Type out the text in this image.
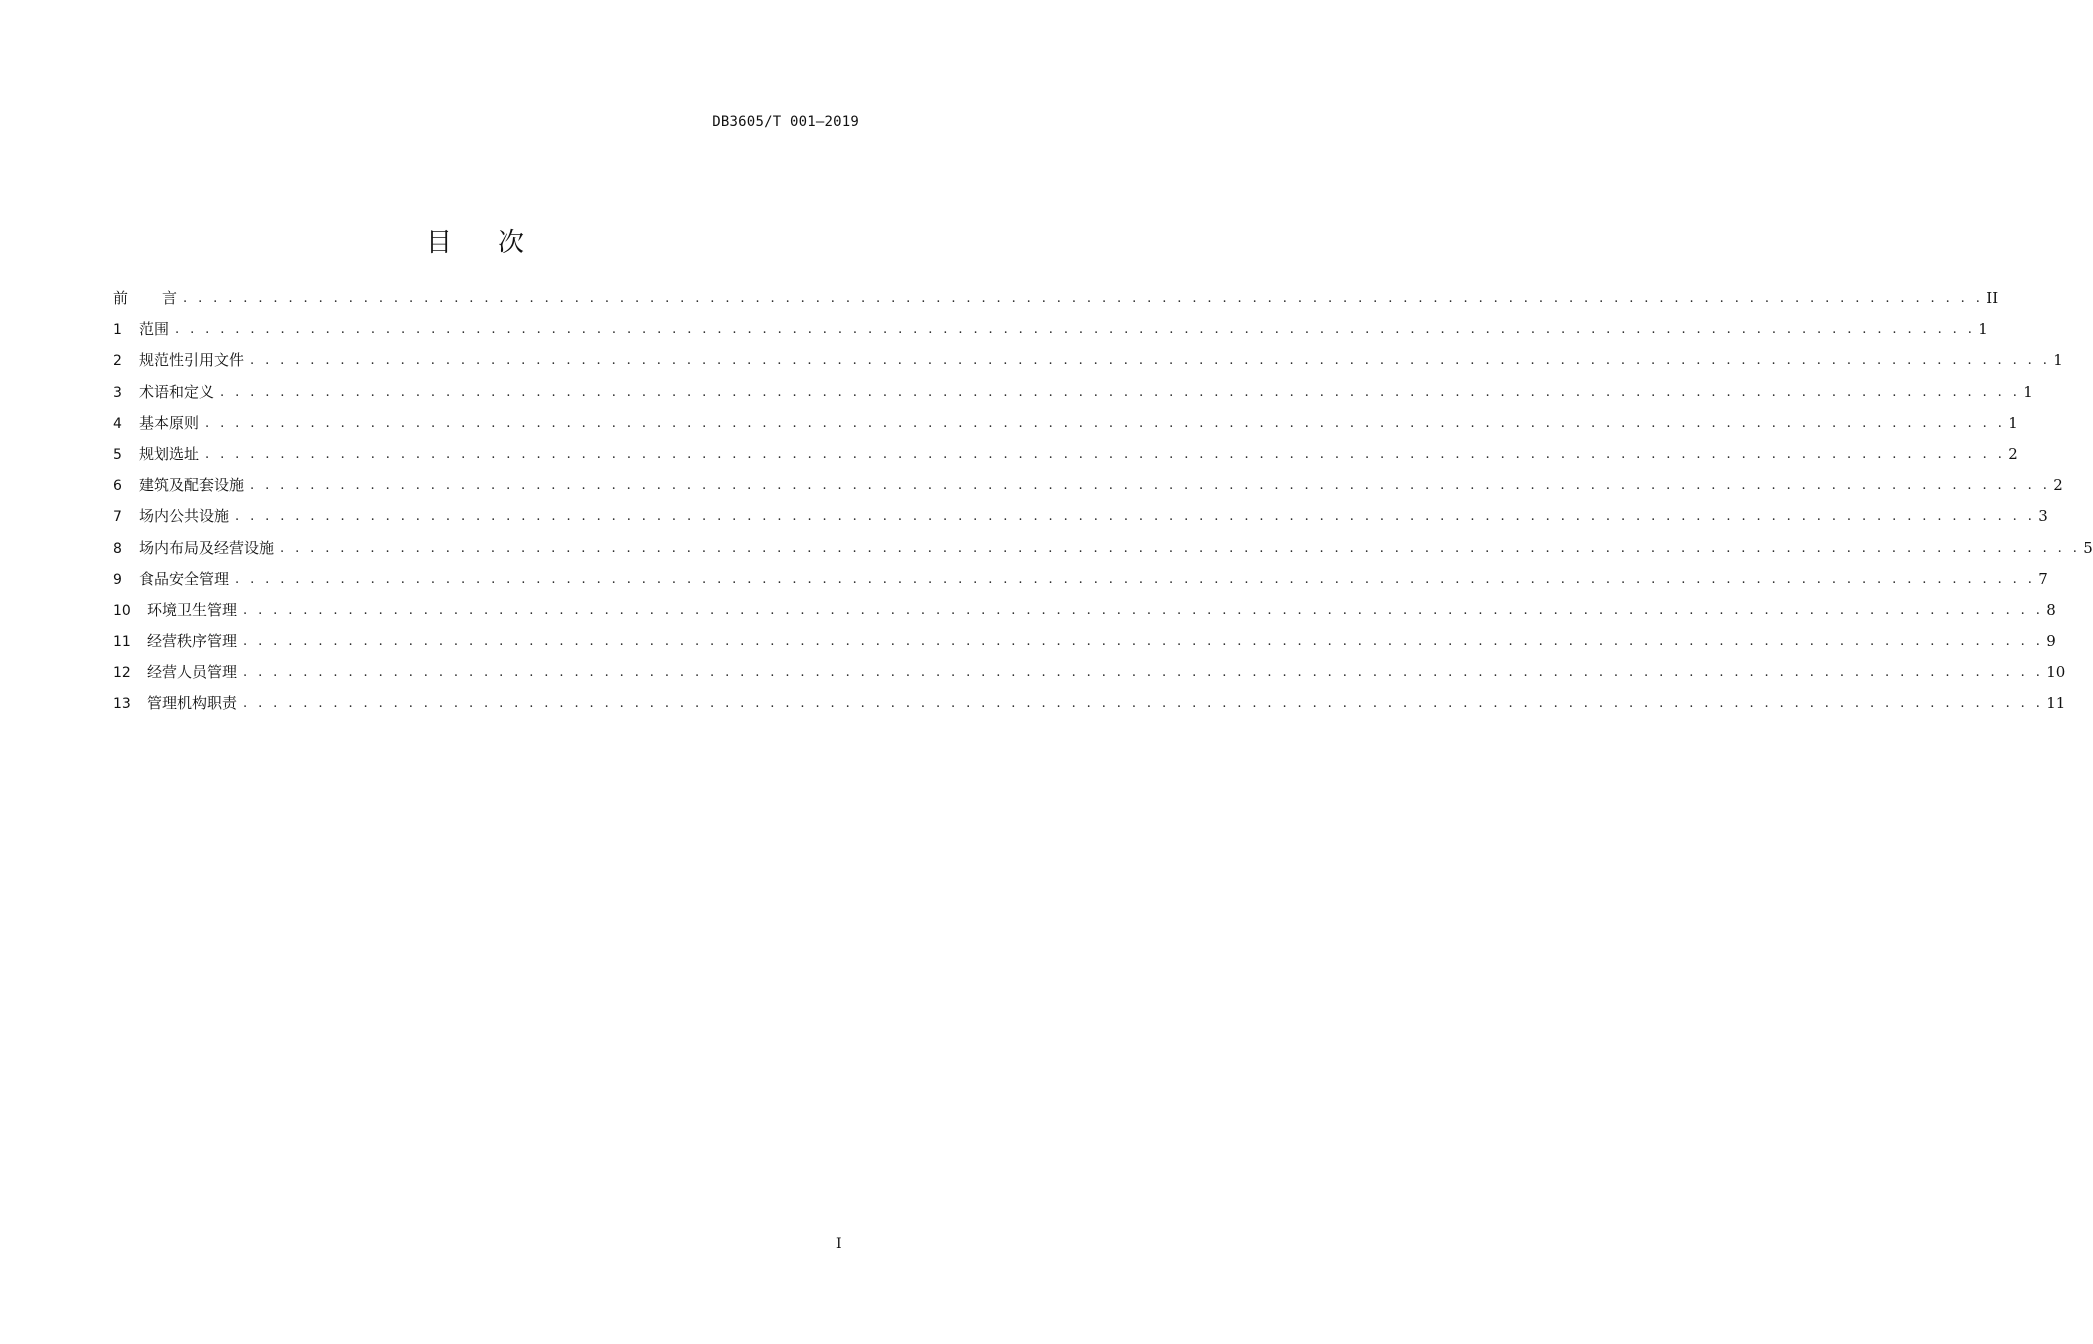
DB3605/T 001—2019
目 次
前 言 . . . . . . . . . . . . . . . . . . . . . . . . . . . . . . . . . . . . . . . . . . . . . . . . . . . . . . . . . . . . . . . . . . . . . . . . . . . . . . . . . . . . . . . . . . . . . . . . . . . . . . . . . . . . . . . . . . . . . . . . II
1	范围 . . . . . . . . . . . . . . . . . . . . . . . . . . . . . . . . . . . . . . . . . . . . . . . . . . . . . . . . . . . . . . . . . . . . . . . . . . . . . . . . . . . . . . . . . . . . . . . . . . . . . . . . . . . . . . . . . . . . . . . . 1
2	规范性引用文件 . . . . . . . . . . . . . . . . . . . . . . . . . . . . . . . . . . . . . . . . . . . . . . . . . . . . . . . . . . . . . . . . . . . . . . . . . . . . . . . . . . . . . . . . . . . . . . . . . . . . . . . . . . . . . . . . . . . . . . . . 1
3	术语和定义 . . . . . . . . . . . . . . . . . . . . . . . . . . . . . . . . . . . . . . . . . . . . . . . . . . . . . . . . . . . . . . . . . . . . . . . . . . . . . . . . . . . . . . . . . . . . . . . . . . . . . . . . . . . . . . . . . . . . . . . . 1
4	基本原则 . . . . . . . . . . . . . . . . . . . . . . . . . . . . . . . . . . . . . . . . . . . . . . . . . . . . . . . . . . . . . . . . . . . . . . . . . . . . . . . . . . . . . . . . . . . . . . . . . . . . . . . . . . . . . . . . . . . . . . . . 1
5	规划选址 . . . . . . . . . . . . . . . . . . . . . . . . . . . . . . . . . . . . . . . . . . . . . . . . . . . . . . . . . . . . . . . . . . . . . . . . . . . . . . . . . . . . . . . . . . . . . . . . . . . . . . . . . . . . . . . . . . . . . . . . 2
6	建筑及配套设施 . . . . . . . . . . . . . . . . . . . . . . . . . . . . . . . . . . . . . . . . . . . . . . . . . . . . . . . . . . . . . . . . . . . . . . . . . . . . . . . . . . . . . . . . . . . . . . . . . . . . . . . . . . . . . . . . . . . . . . . . 2
7	场内公共设施 . . . . . . . . . . . . . . . . . . . . . . . . . . . . . . . . . . . . . . . . . . . . . . . . . . . . . . . . . . . . . . . . . . . . . . . . . . . . . . . . . . . . . . . . . . . . . . . . . . . . . . . . . . . . . . . . . . . . . . . . 3
8	场内布局及经营设施 . . . . . . . . . . . . . . . . . . . . . . . . . . . . . . . . . . . . . . . . . . . . . . . . . . . . . . . . . . . . . . . . . . . . . . . . . . . . . . . . . . . . . . . . . . . . . . . . . . . . . . . . . . . . . . . . . . . . . . . . 5
9	食品安全管理 . . . . . . . . . . . . . . . . . . . . . . . . . . . . . . . . . . . . . . . . . . . . . . . . . . . . . . . . . . . . . . . . . . . . . . . . . . . . . . . . . . . . . . . . . . . . . . . . . . . . . . . . . . . . . . . . . . . . . . . . 7
10	环境卫生管理 . . . . . . . . . . . . . . . . . . . . . . . . . . . . . . . . . . . . . . . . . . . . . . . . . . . . . . . . . . . . . . . . . . . . . . . . . . . . . . . . . . . . . . . . . . . . . . . . . . . . . . . . . . . . . . . . . . . . . . . . 8
11	经营秩序管理 . . . . . . . . . . . . . . . . . . . . . . . . . . . . . . . . . . . . . . . . . . . . . . . . . . . . . . . . . . . . . . . . . . . . . . . . . . . . . . . . . . . . . . . . . . . . . . . . . . . . . . . . . . . . . . . . . . . . . . . . 9
12	经营人员管理 . . . . . . . . . . . . . . . . . . . . . . . . . . . . . . . . . . . . . . . . . . . . . . . . . . . . . . . . . . . . . . . . . . . . . . . . . . . . . . . . . . . . . . . . . . . . . . . . . . . . . . . . . . . . . . . . . . . . . . . . 10
13	管理机构职责 . . . . . . . . . . . . . . . . . . . . . . . . . . . . . . . . . . . . . . . . . . . . . . . . . . . . . . . . . . . . . . . . . . . . . . . . . . . . . . . . . . . . . . . . . . . . . . . . . . . . . . . . . . . . . . . . . . . . . . . . 11
I
